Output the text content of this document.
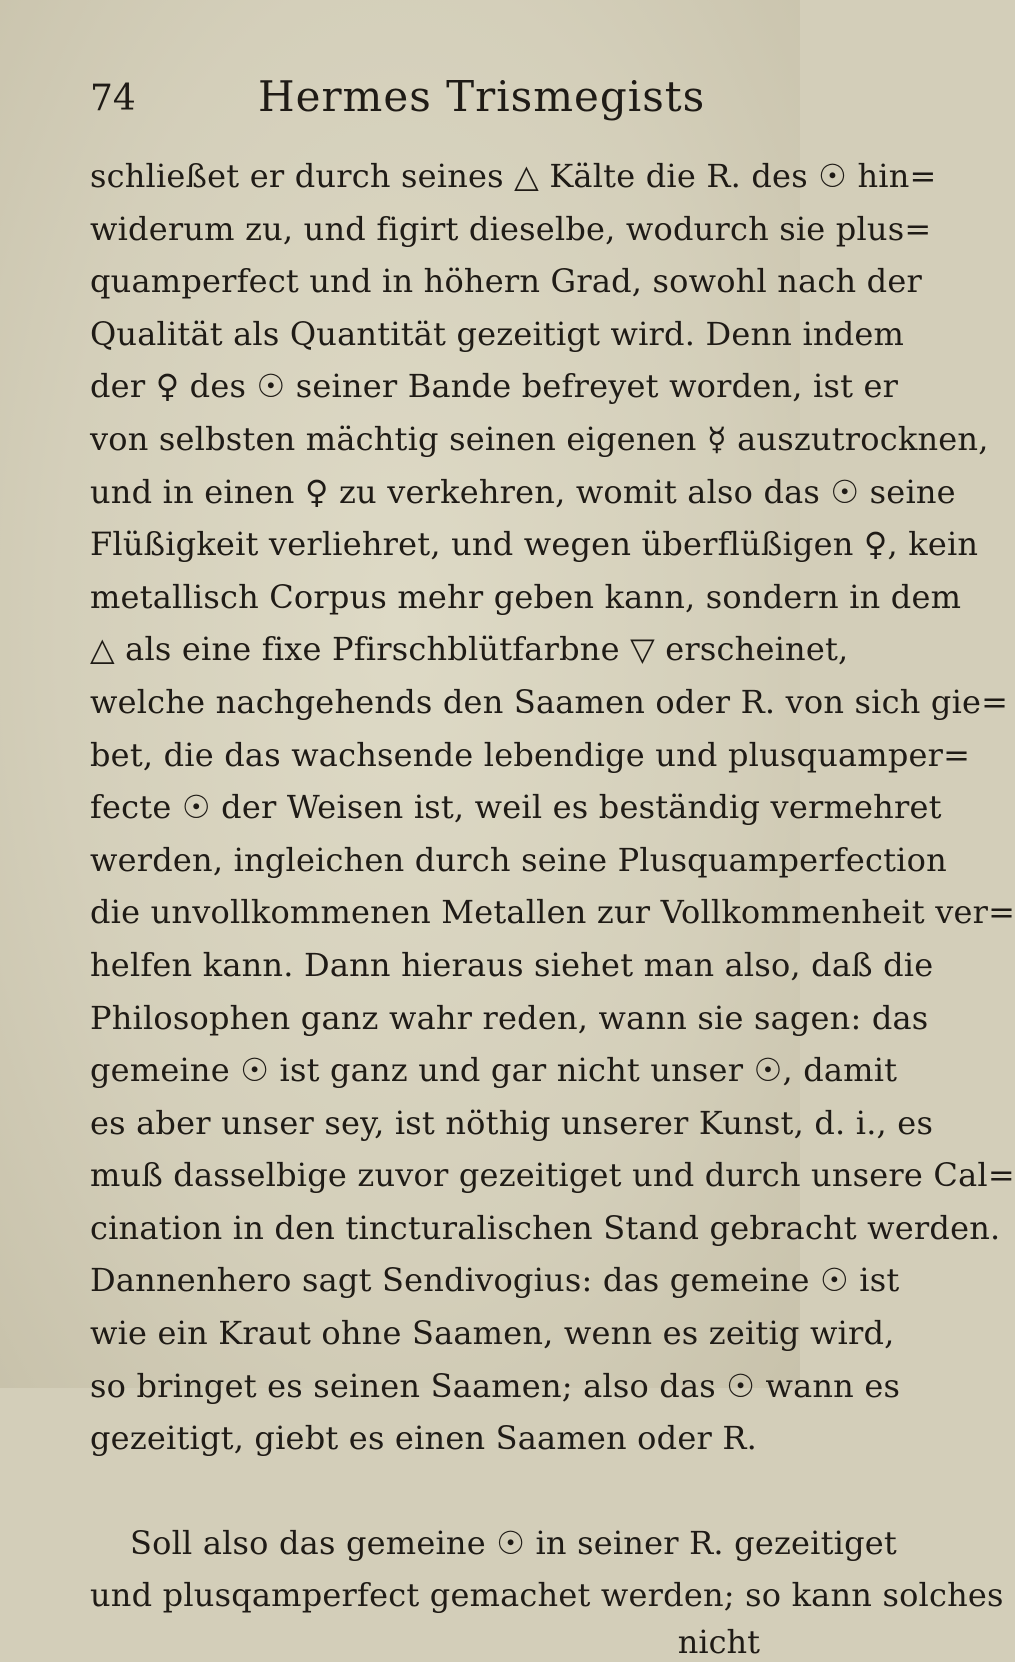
74	Hermes Trismegists
schließet er durch seines △ Kälte die R. des ☉ hin=
widerum zu, und figirt dieselbe, wodurch sie plus=
quamperfect und in höhern Grad, sowohl nach der
Qualität als Quantität gezeitigt wird. Denn indem
der ♀ des ☉ seiner Bande befreyet worden, ist er
von selbsten mächtig seinen eigenen ☿ auszutrocknen,
und in einen ♀ zu verkehren, womit also das ☉ seine
Flüßigkeit verliehret, und wegen überflüßigen ♀, kein
metallisch Corpus mehr geben kann, sondern in dem
△ als eine fixe Pfirschblütfarbne ▽ erscheinet,
welche nachgehends den Saamen oder R. von sich gie=
bet, die das wachsende lebendige und plusquamper=
fecte ☉ der Weisen ist, weil es beständig vermehret
werden, ingleichen durch seine Plusquamperfection
die unvollkommenen Metallen zur Vollkommenheit ver=
helfen kann. Dann hieraus siehet man also, daß die
Philosophen ganz wahr reden, wann sie sagen: das
gemeine ☉ ist ganz und gar nicht unser ☉, damit
es aber unser sey, ist nöthig unserer Kunst, d. i., es
muß dasselbige zuvor gezeitiget und durch unsere Cal=
cination in den tincturalischen Stand gebracht werden.
Dannenhero sagt Sendivogius: das gemeine ☉ ist
wie ein Kraut ohne Saamen, wenn es zeitig wird,
so bringet es seinen Saamen; also das ☉ wann es
gezeitigt, giebt es einen Saamen oder R.
Soll also das gemeine ☉ in seiner R. gezeitiget
und plusqamperfect gemachet werden; so kann solches
nicht
